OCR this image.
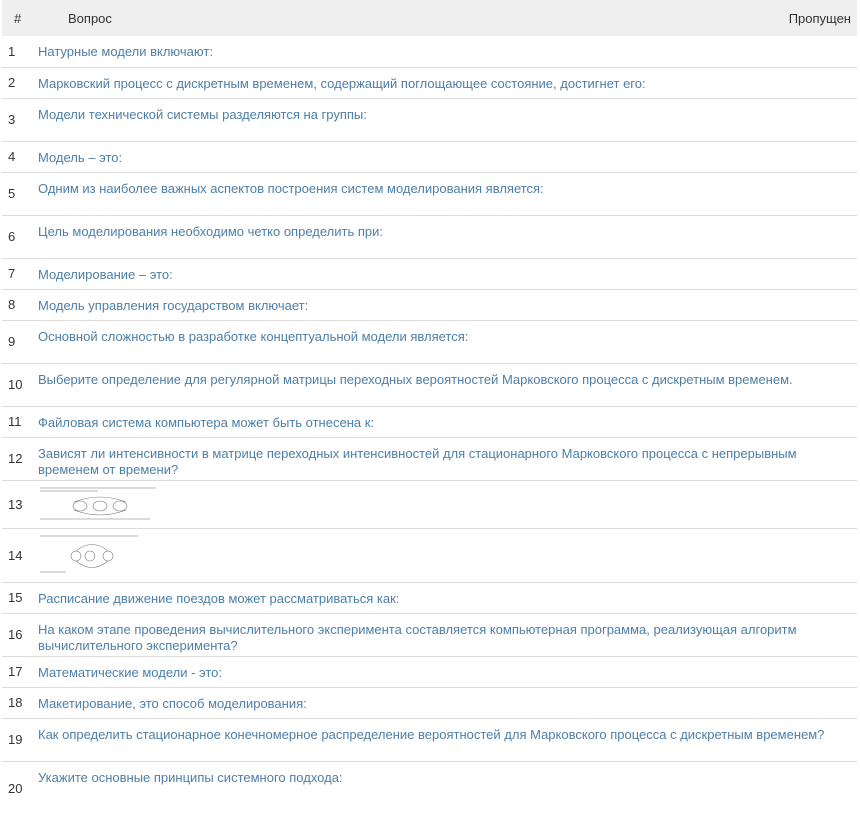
#	Вопрос	Пропущен
1	Натурные модели включают:	
2	Марковский процесс с дискретным временем, содержащий поглощающее состояние, достигнет его:	
3	Модели технической системы разделяются на группы:	
4	Модель – это:	
5	Одним из наиболее важных аспектов построения систем моделирования является:	
6	Цель моделирования необходимо четко определить при:	
7	Моделирование – это:	
8	Модель управления государством включает:	
9	Основной сложностью в разработке концептуальной модели является:	
10	Выберите определение для регулярной матрицы переходных вероятностей Марковского процесса с дискретным временем.	
11	Файловая система компьютера может быть отнесена к:	
12	Зависят ли интенсивности в матрице переходных интенсивностей для стационарного Марковского процесса с непрерывным временем от времени?	
13	

14	

15	Расписание движение поездов может рассматриваться как:	
16	На каком этапе проведения вычислительного эксперимента составляется компьютерная программа, реализующая алгоритм вычислительного эксперимента?	
17	Математические модели - это:	
18	Макетирование, это способ моделирования:	
19	Как определить стационарное конечномерное распределение вероятностей для Марковского процесса с дискретным временем?	
20	Укажите основные принципы системного подхода:	
